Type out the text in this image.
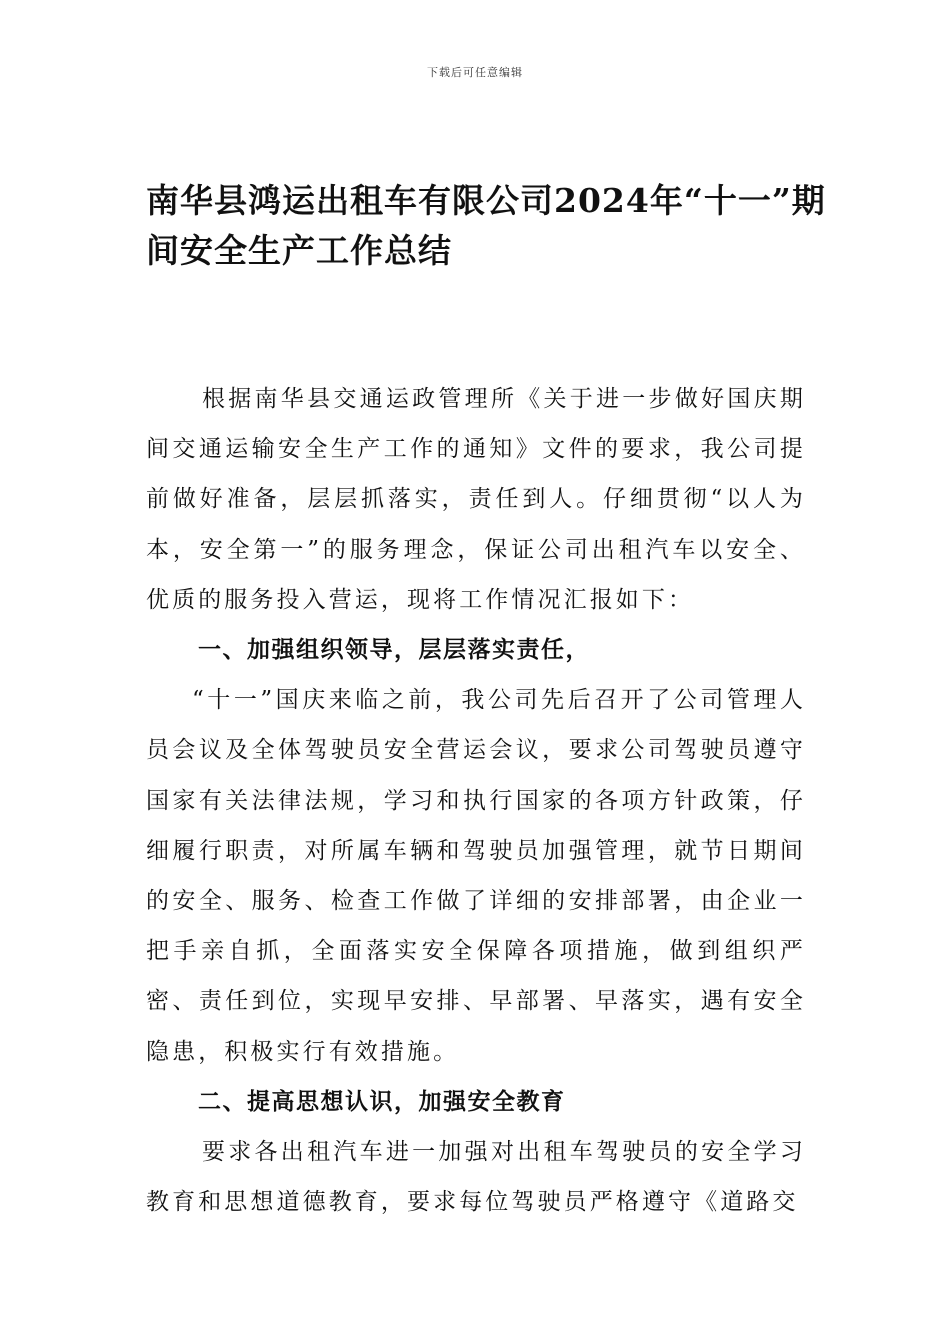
下载后可任意编辑
南华县鸿运出租车有限公司2024年“十一”期间安全生产工作总结

根据南华县交通运政管理所《关于进一步做好国庆期间交通运输安全生产工作的通知》文件的要求，我公司提前做好准备，层层抓落实，责任到人。仔细贯彻“以人为本，安全第一”的服务理念，保证公司出租汽车以安全、优质的服务投入营运，现将工作情况汇报如下：

一、加强组织领导，层层落实责任，

“十一”国庆来临之前，我公司先后召开了公司管理人员会议及全体驾驶员安全营运会议，要求公司驾驶员遵守国家有关法律法规，学习和执行国家的各项方针政策，仔细履行职责，对所属车辆和驾驶员加强管理，就节日期间的安全、服务、检查工作做了详细的安排部署，由企业一把手亲自抓，全面落实安全保障各项措施，做到组织严密、责任到位，实现早安排、早部署、早落实，遇有安全隐患，积极实行有效措施。

二、提高思想认识，加强安全教育

要求各出租汽车进一加强对出租车驾驶员的安全学习教育和思想道德教育，要求每位驾驶员严格遵守《道路交
